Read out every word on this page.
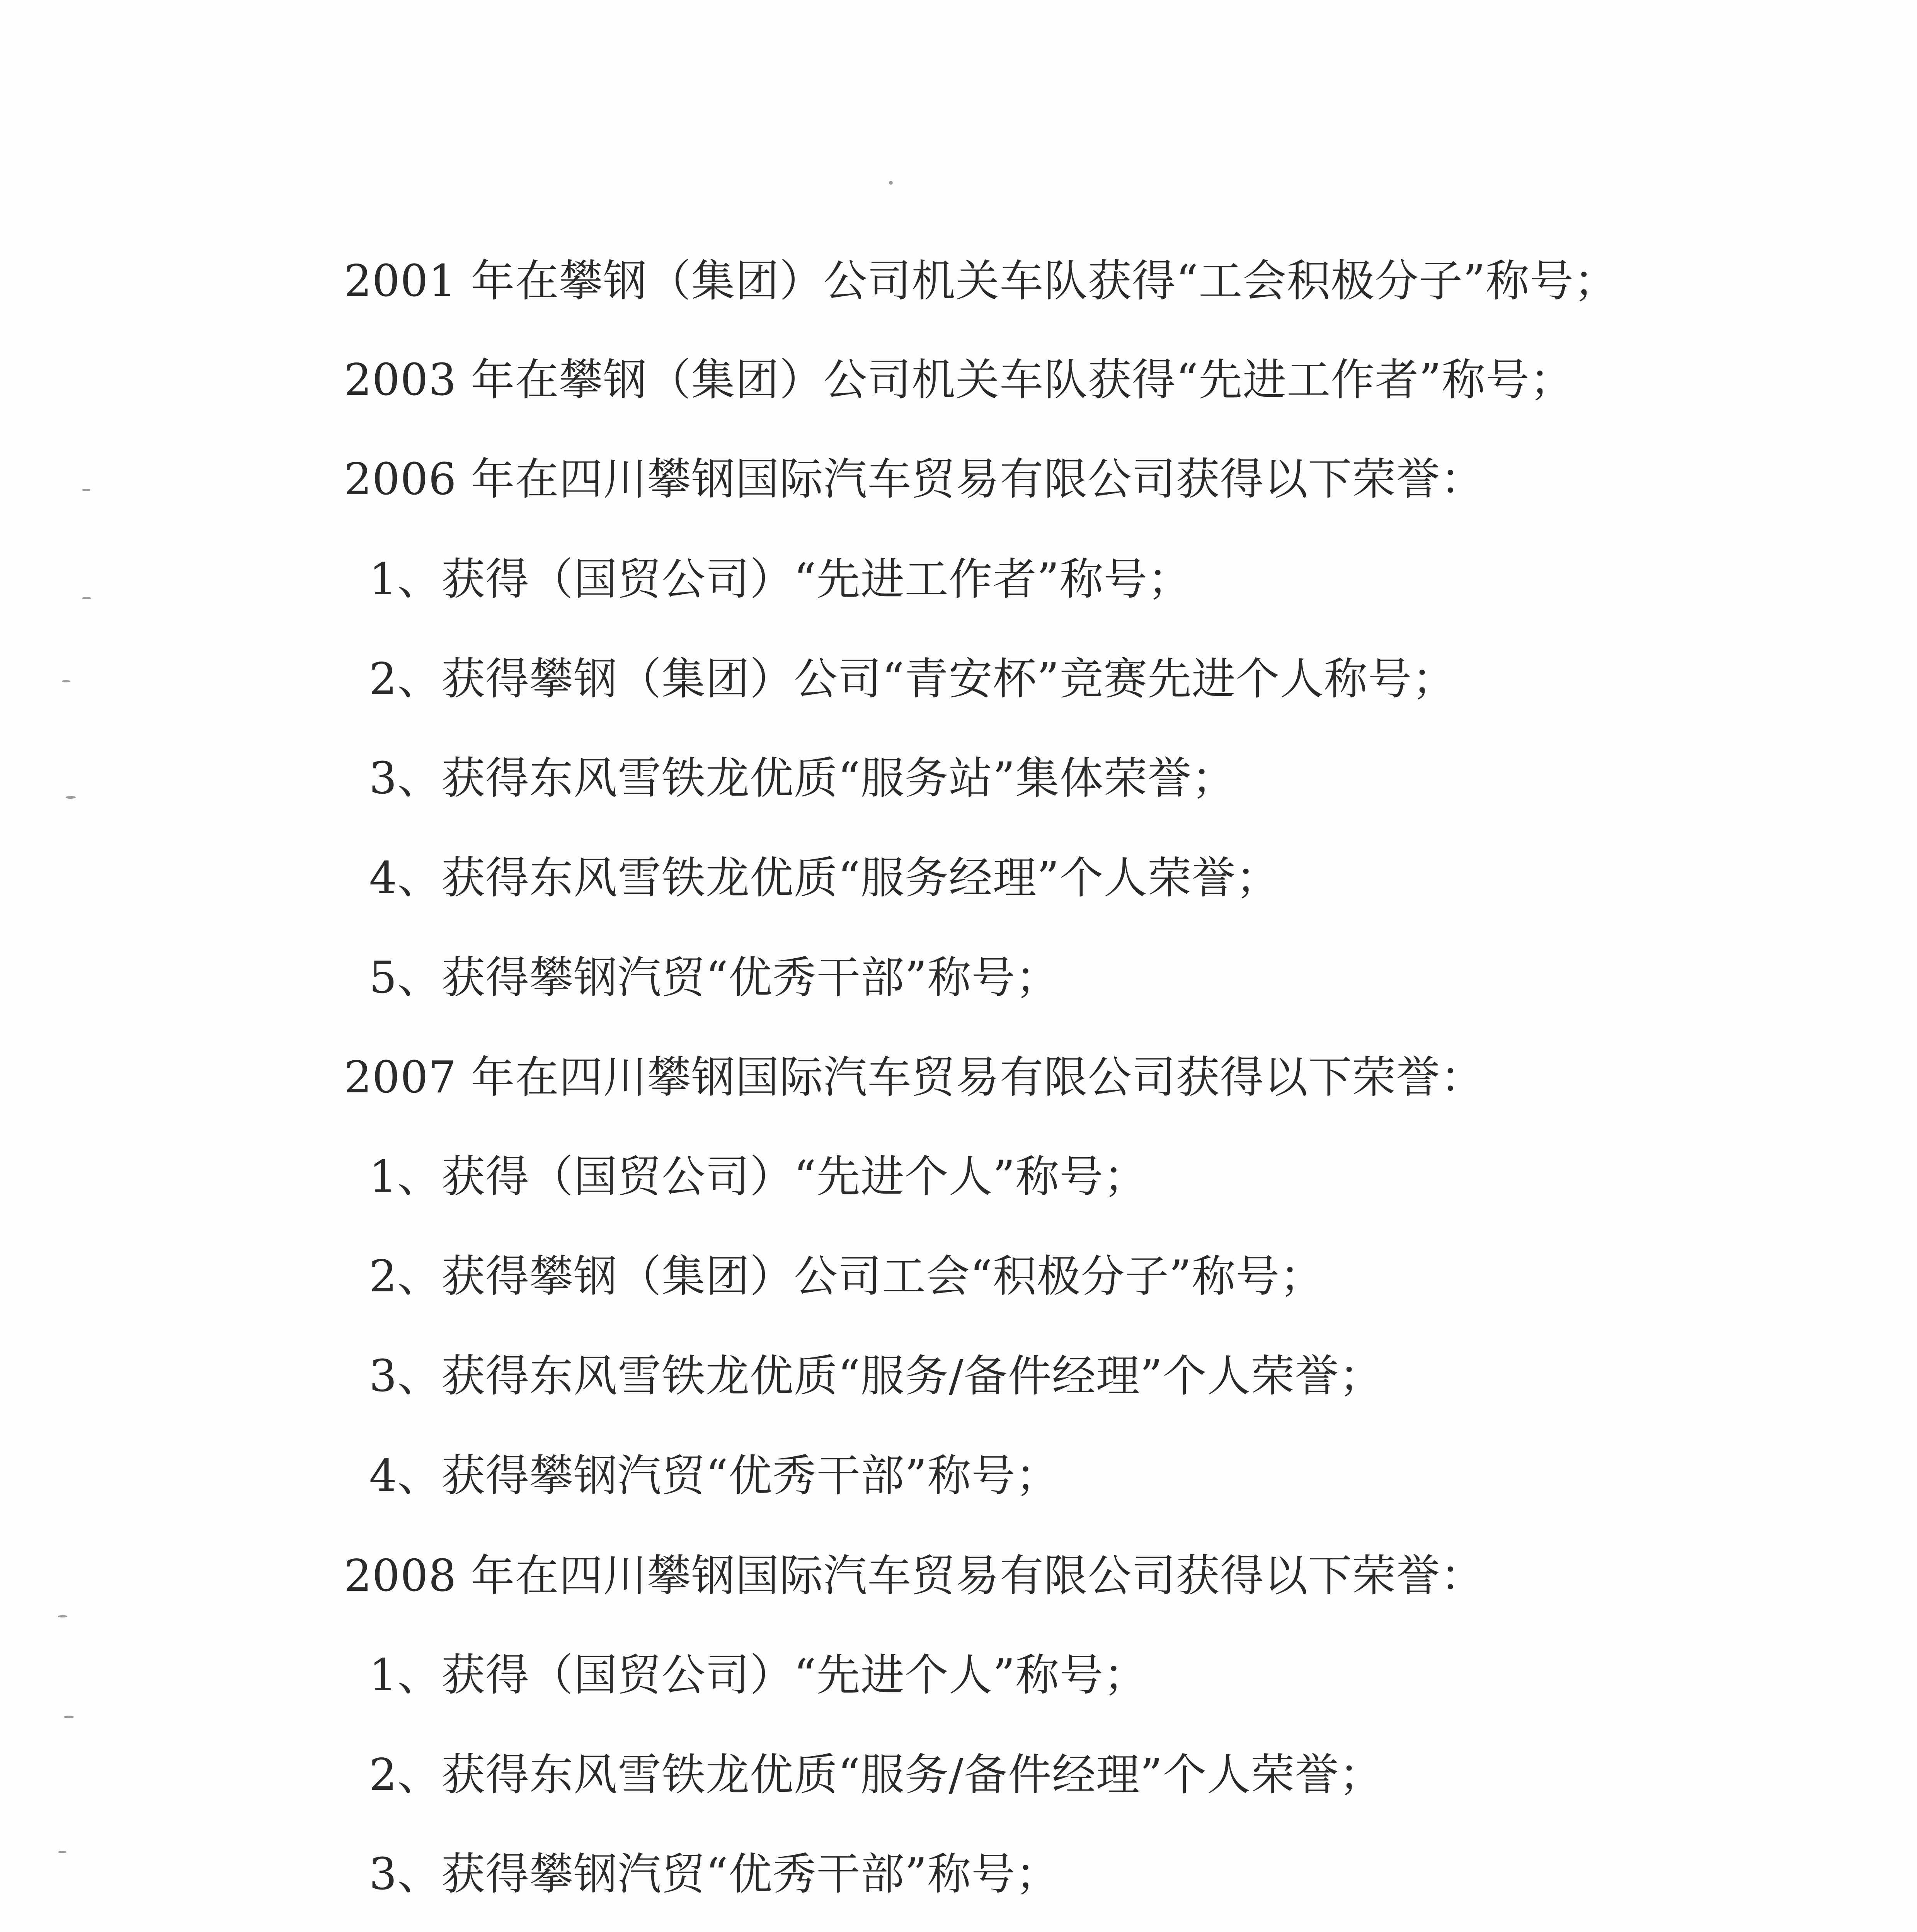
2001 年在攀钢（集团）公司机关车队获得“工会积极分子”称号；
2003 年在攀钢（集团）公司机关车队获得“先进工作者”称号；
2006 年在四川攀钢国际汽车贸易有限公司获得以下荣誉：
1、获得（国贸公司）“先进工作者”称号；
2、获得攀钢（集团）公司“青安杯”竞赛先进个人称号；
3、获得东风雪铁龙优质“服务站”集体荣誉；
4、获得东风雪铁龙优质“服务经理”个人荣誉；
5、获得攀钢汽贸“优秀干部”称号；
2007 年在四川攀钢国际汽车贸易有限公司获得以下荣誉：
1、获得（国贸公司）“先进个人”称号；
2、获得攀钢（集团）公司工会“积极分子”称号；
3、获得东风雪铁龙优质“服务/备件经理”个人荣誉；
4、获得攀钢汽贸“优秀干部”称号；
2008 年在四川攀钢国际汽车贸易有限公司获得以下荣誉：
1、获得（国贸公司）“先进个人”称号；
2、获得东风雪铁龙优质“服务/备件经理”个人荣誉；
3、获得攀钢汽贸“优秀干部”称号；
